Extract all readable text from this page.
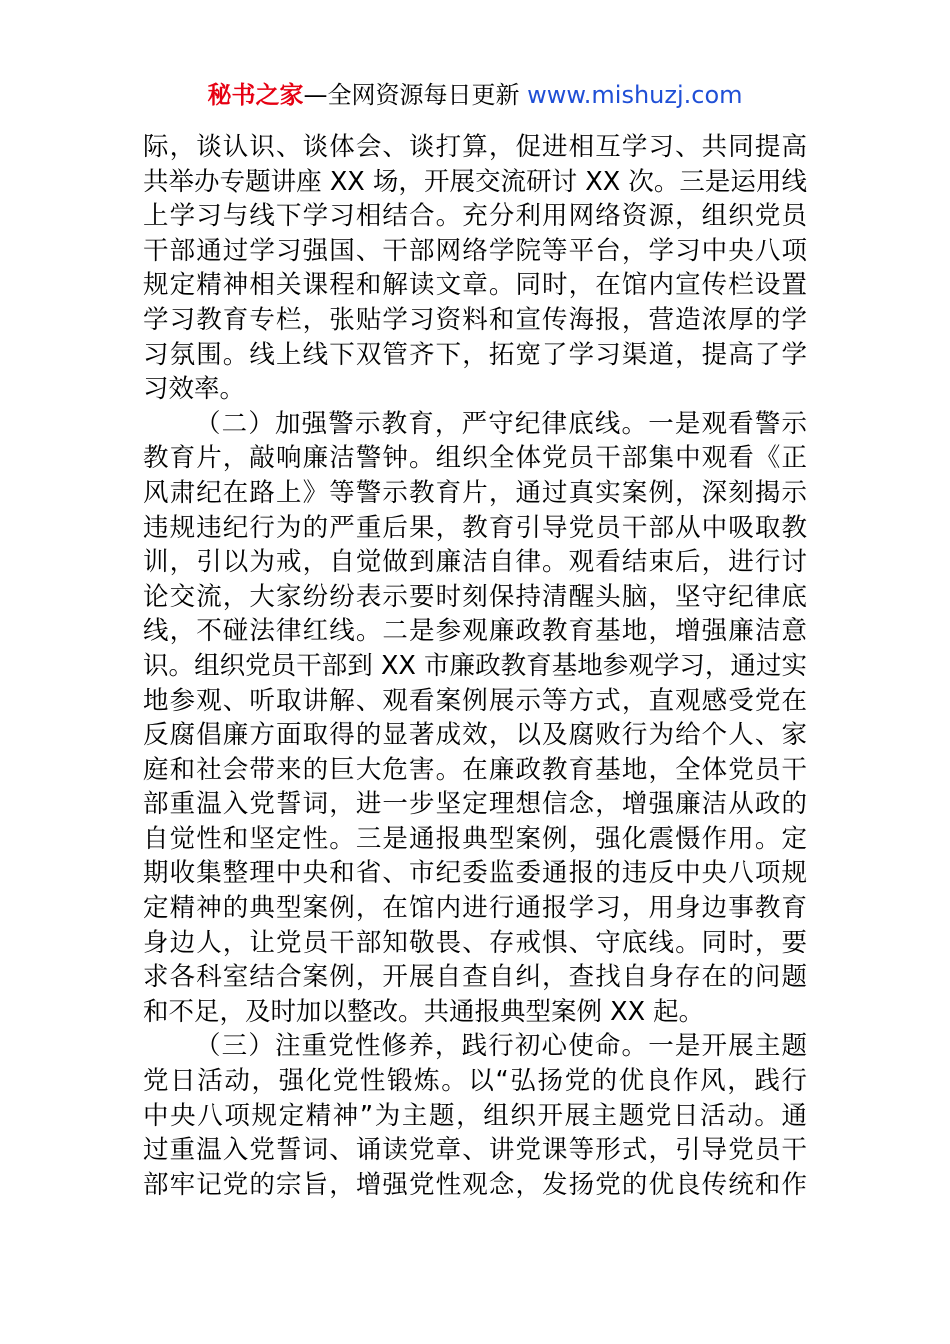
秘书之家—全网资源每日更新 www.mishuzj.com
际，谈认识、谈体会、谈打算，促进相互学习、共同提高
共举办专题讲座 XX 场，开展交流研讨 XX 次。三是运用线
上学习与线下学习相结合。充分利用网络资源，组织党员
干部通过学习强国、干部网络学院等平台，学习中央八项
规定精神相关课程和解读文章。同时，在馆内宣传栏设置
学习教育专栏，张贴学习资料和宣传海报，营造浓厚的学
习氛围。线上线下双管齐下，拓宽了学习渠道，提高了学
习效率。
（二）加强警示教育，严守纪律底线。一是观看警示
教育片，敲响廉洁警钟。组织全体党员干部集中观看《正
风肃纪在路上》等警示教育片，通过真实案例，深刻揭示
违规违纪行为的严重后果，教育引导党员干部从中吸取教
训，引以为戒，自觉做到廉洁自律。观看结束后，进行讨
论交流，大家纷纷表示要时刻保持清醒头脑，坚守纪律底
线，不碰法律红线。二是参观廉政教育基地，增强廉洁意
识。组织党员干部到 XX 市廉政教育基地参观学习，通过实
地参观、听取讲解、观看案例展示等方式，直观感受党在
反腐倡廉方面取得的显著成效，以及腐败行为给个人、家
庭和社会带来的巨大危害。在廉政教育基地，全体党员干
部重温入党誓词，进一步坚定理想信念，增强廉洁从政的
自觉性和坚定性。三是通报典型案例，强化震慑作用。定
期收集整理中央和省、市纪委监委通报的违反中央八项规
定精神的典型案例，在馆内进行通报学习，用身边事教育
身边人，让党员干部知敬畏、存戒惧、守底线。同时，要
求各科室结合案例，开展自查自纠，查找自身存在的问题
和不足，及时加以整改。共通报典型案例 XX 起。
（三）注重党性修养，践行初心使命。一是开展主题
党日活动，强化党性锻炼。以“弘扬党的优良作风，践行
中央八项规定精神”为主题，组织开展主题党日活动。通
过重温入党誓词、诵读党章、讲党课等形式，引导党员干
部牢记党的宗旨，增强党性观念，发扬党的优良传统和作
